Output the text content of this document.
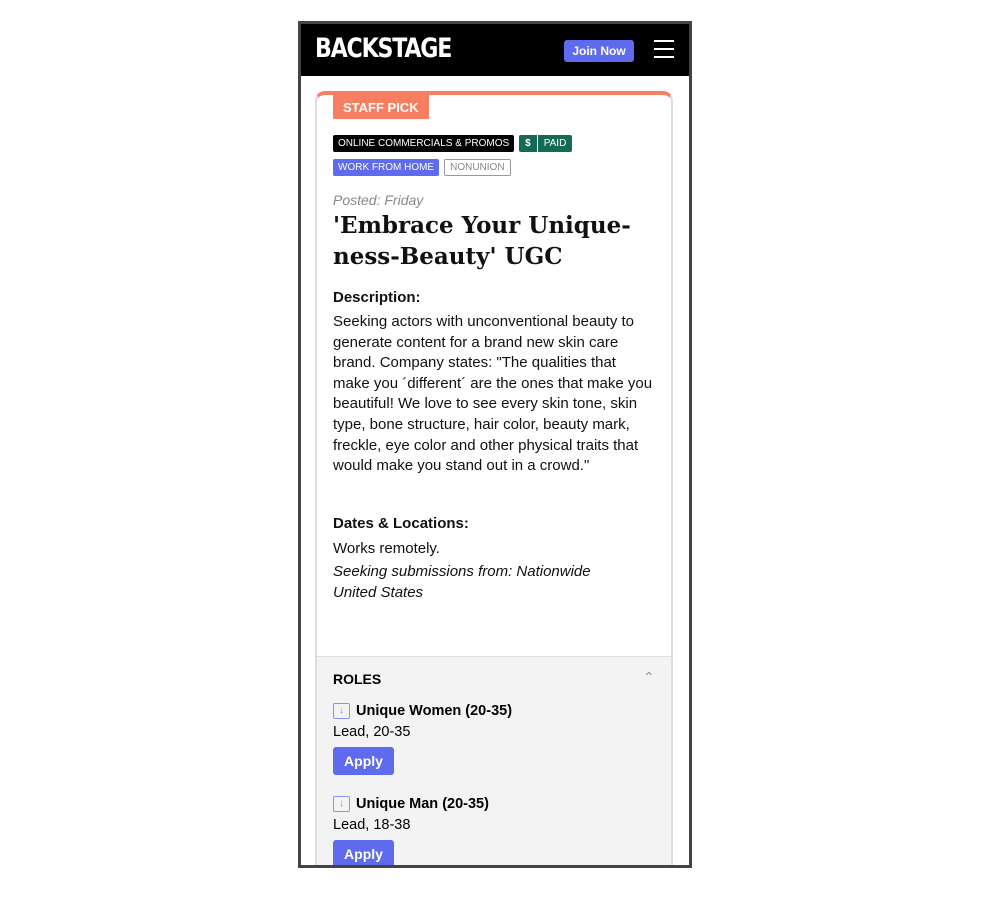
BACKSTAGE	Join Now
STAFF PICK
ONLINE COMMERCIALS & PROMOS	$	PAID
WORK FROM HOME	NONUNION
Posted: Friday
'Embrace Your Unique-ness-Beauty' UGC
Description:
Seeking actors with unconventional beauty to generate content for a brand new skin care brand. Company states: "The qualities that make you ´different´ are the ones that make you beautiful! We love to see every skin tone, skin type, bone structure, hair color, beauty mark, freckle, eye color and other physical traits that would make you stand out in a crowd."
Dates & Locations:
Works remotely.
Seeking submissions from: Nationwide United States
ROLES	⌃
↓ Unique Women (20-35)
Lead, 20-35
Apply
↓ Unique Man (20-35)
Lead, 18-38
Apply
